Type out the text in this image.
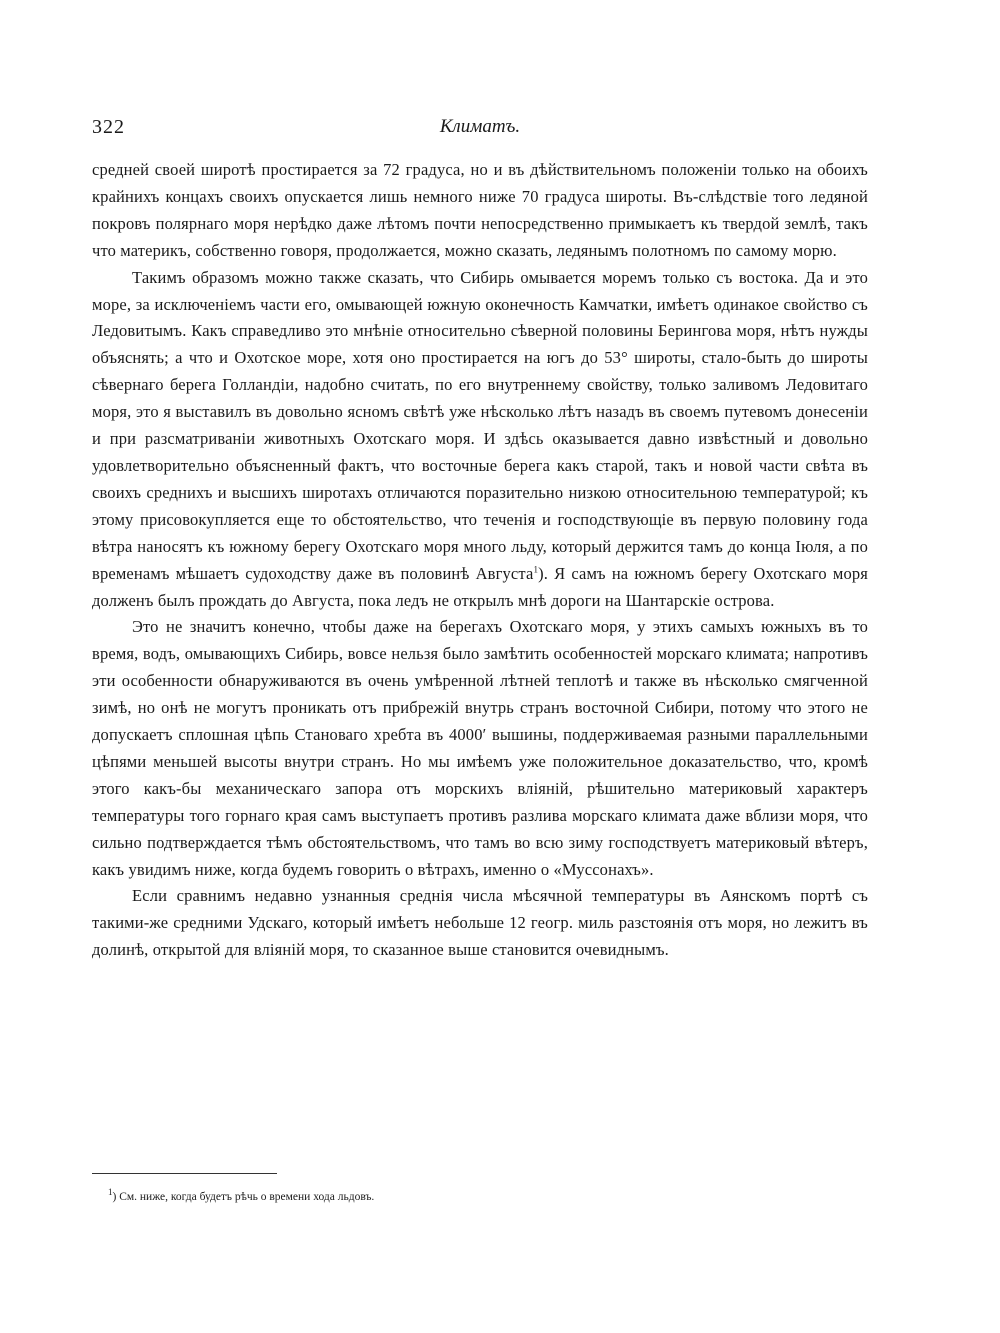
322	Климатъ.

средней своей широтѣ простирается за 72 градуса, но и въ дѣйствительномъ положеніи только на обоихъ крайнихъ концахъ своихъ опускается лишь немного ниже 70 градуса широты. Въ-слѣдствіе того ледяной покровъ полярнаго моря нерѣдко даже лѣтомъ почти непосредственно примыкаетъ къ твердой землѣ, такъ что материкъ, собственно говоря, продолжается, можно сказать, ледянымъ полотномъ по самому морю.

Такимъ образомъ можно также сказать, что Сибирь омывается моремъ только съ востока. Да и это море, за исключеніемъ части его, омывающей южную оконечность Камчатки, имѣетъ одинакое свойство съ Ледовитымъ. Какъ справедливо это мнѣніе относительно сѣверной половины Берингова моря, нѣтъ нужды объяснять; а что и Охотское море, хотя оно простирается на югъ до 53° широты, стало-быть до широты сѣвернаго берега Голландіи, надобно считать, по его внутреннему свойству, только заливомъ Ледовитаго моря, это я выставилъ въ довольно ясномъ свѣтѣ уже нѣсколько лѣтъ назадъ въ своемъ путевомъ донесеніи и при разсматриваніи животныхъ Охотскаго моря. И здѣсь оказывается давно извѣстный и довольно удовлетворительно объясненный фактъ, что восточные берега какъ старой, такъ и новой части свѣта въ своихъ среднихъ и высшихъ широтахъ отличаются поразительно низкою относительною температурой; къ этому присовокупляется еще то обстоятельство, что теченія и господствующіе въ первую половину года вѣтра наносятъ къ южному берегу Охотскаго моря много льду, который держится тамъ до конца Іюля, а по временамъ мѣшаетъ судоходству даже въ половинѣ Августа$^1$). Я самъ на южномъ берегу Охотскаго моря долженъ былъ прождать до Августа, пока ледъ не открылъ мнѣ дороги на Шантарскіе острова.

Это не значитъ конечно, чтобы даже на берегахъ Охотскаго моря, у этихъ самыхъ южныхъ въ то время, водъ, омывающихъ Сибирь, вовсе нельзя было замѣтить особенностей морскаго климата; напротивъ эти особенности обнаруживаются въ очень умѣренной лѣтней теплотѣ и также въ нѣсколько смягченной зимѣ, но онѣ не могутъ проникать отъ прибрежій внутрь странъ восточной Сибири, потому что этого не допускаетъ сплошная цѣпь Становаго хребта въ 4000′ вышины, поддерживаемая разными параллельными цѣпями меньшей высоты внутри странъ. Но мы имѣемъ уже положительное доказательство, что, кромѣ этого какъ-бы механическаго запора отъ морскихъ вліяній, рѣшительно материковый характеръ температуры того горнаго края самъ выступаетъ противъ разлива морскаго климата даже вблизи моря, что сильно подтверждается тѣмъ обстоятельствомъ, что тамъ во всю зиму господствуетъ материковый вѣтеръ, какъ увидимъ ниже, когда будемъ говорить о вѣтрахъ, именно о «Муссонахъ».

Если сравнимъ недавно узнанныя среднія числа мѣсячной температуры въ Аянскомъ портѣ съ такими-же средними Удскаго, который имѣетъ небольше 12 геогр. миль разстоянія отъ моря, но лежитъ въ долинѣ, открытой для вліяній моря, то сказанное выше становится очевиднымъ.

$^1$) См. ниже, когда будетъ рѣчь о времени хода льдовъ.
